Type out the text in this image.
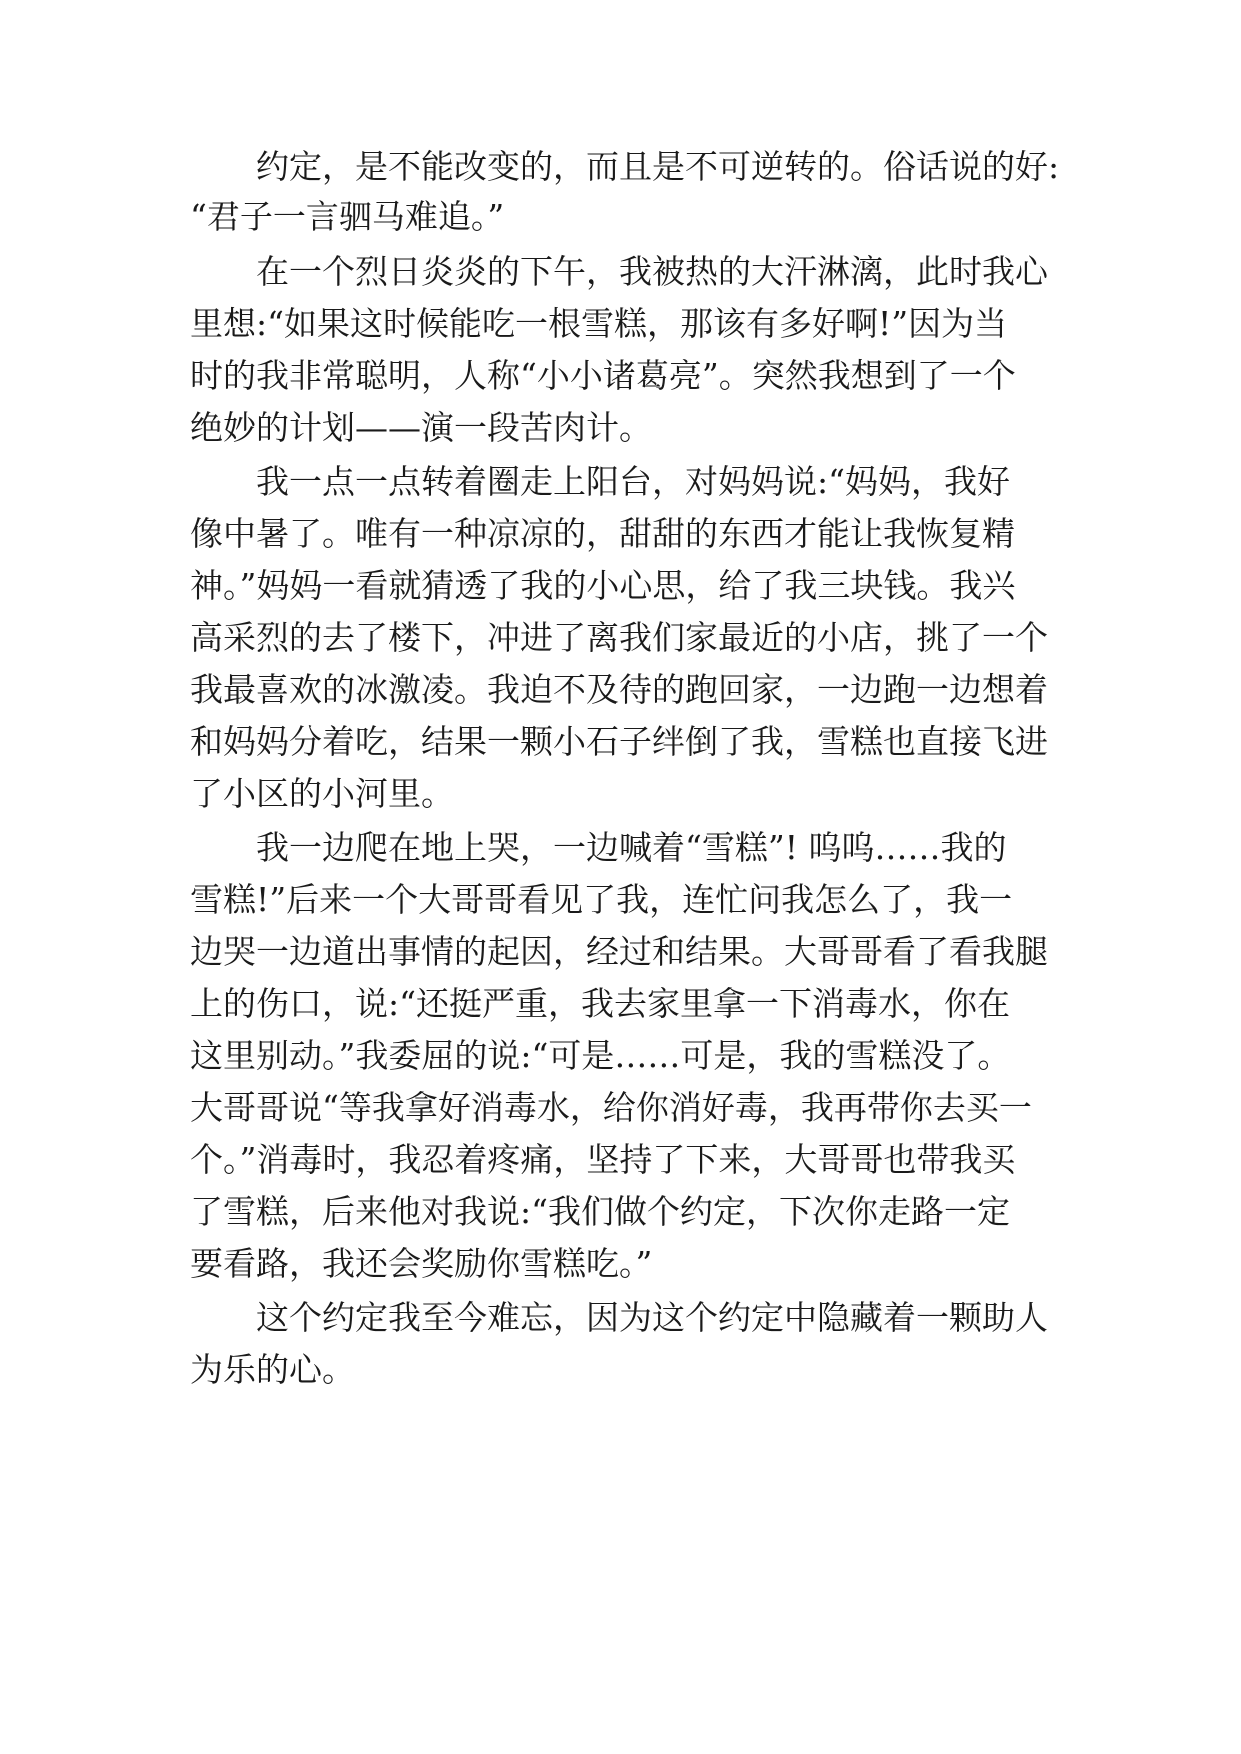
约定，是不能改变的，而且是不可逆转的。俗话说的好:
“君子一言驷马难追。”
在一个烈日炎炎的下午，我被热的大汗淋漓，此时我心
里想:“如果这时候能吃一根雪糕，那该有多好啊!”因为当
时的我非常聪明，人称“小小诸葛亮”。突然我想到了一个
绝妙的计划——演一段苦肉计。
我一点一点转着圈走上阳台，对妈妈说:“妈妈，我好
像中暑了。唯有一种凉凉的，甜甜的东西才能让我恢复精
神。”妈妈一看就猜透了我的小心思，给了我三块钱。我兴
高采烈的去了楼下，冲进了离我们家最近的小店，挑了一个
我最喜欢的冰激凌。我迫不及待的跑回家，一边跑一边想着
和妈妈分着吃，结果一颗小石子绊倒了我，雪糕也直接飞进
了小区的小河里。
我一边爬在地上哭，一边喊着“雪糕”! 呜呜……我的
雪糕!”后来一个大哥哥看见了我，连忙问我怎么了，我一
边哭一边道出事情的起因，经过和结果。大哥哥看了看我腿
上的伤口，说:“还挺严重，我去家里拿一下消毒水，你在
这里别动。”我委屈的说:“可是……可是，我的雪糕没了。
大哥哥说“等我拿好消毒水，给你消好毒，我再带你去买一
个。”消毒时，我忍着疼痛，坚持了下来，大哥哥也带我买
了雪糕，后来他对我说:“我们做个约定，下次你走路一定
要看路，我还会奖励你雪糕吃。”
这个约定我至今难忘，因为这个约定中隐藏着一颗助人
为乐的心。
